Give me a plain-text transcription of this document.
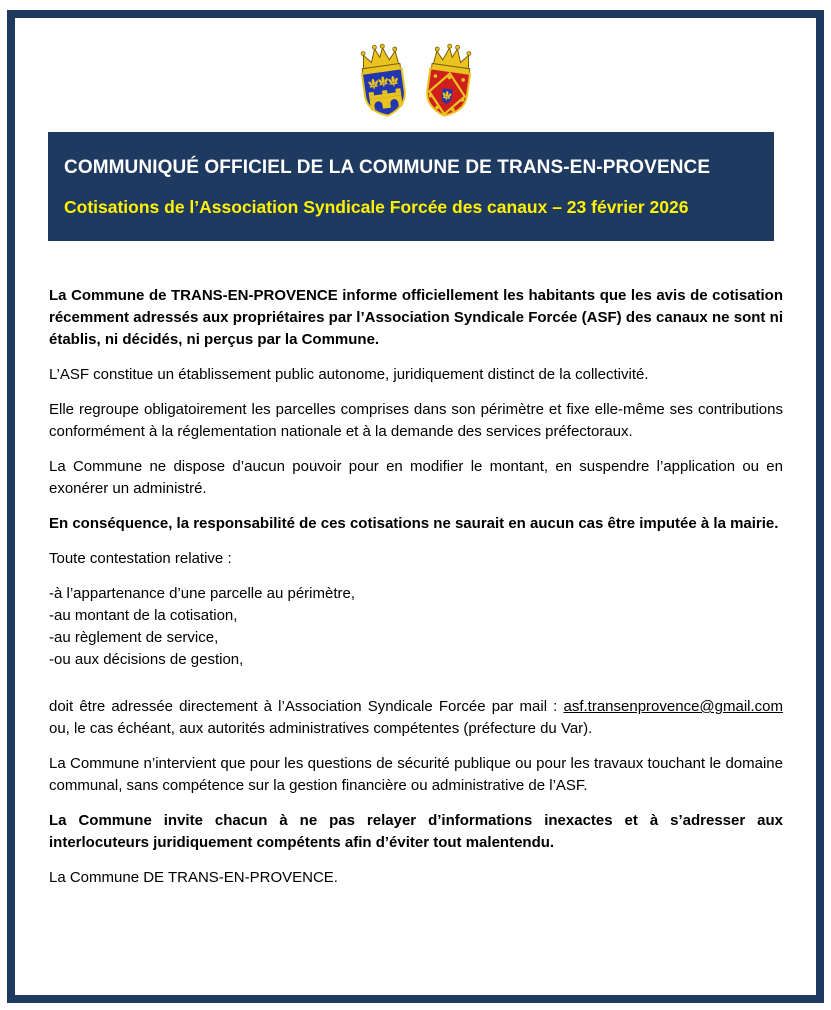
COMMUNIQUÉ OFFICIEL DE LA COMMUNE DE TRANS-EN-PROVENCE
Cotisations de l’Association Syndicale Forcée des canaux – 23 février 2026

La Commune de TRANS-EN-PROVENCE informe officiellement les habitants que les avis de cotisation récemment adressés aux propriétaires par l’Association Syndicale Forcée (ASF) des canaux ne sont ni établis, ni décidés, ni perçus par la Commune.

L’ASF constitue un établissement public autonome, juridiquement distinct de la collectivité.

Elle regroupe obligatoirement les parcelles comprises dans son périmètre et fixe elle-même ses contributions conformément à la réglementation nationale et à la demande des services préfectoraux.

La Commune ne dispose d’aucun pouvoir pour en modifier le montant, en suspendre l’application ou en exonérer un administré.

En conséquence, la responsabilité de ces cotisations ne saurait en aucun cas être imputée à la mairie.

Toute contestation relative :

-à l’appartenance d’une parcelle au périmètre,
-au montant de la cotisation,
-au règlement de service,
-ou aux décisions de gestion,

doit être adressée directement à l’Association Syndicale Forcée par mail : asf.transenprovence@gmail.com ou, le cas échéant, aux autorités administratives compétentes (préfecture du Var).

La Commune n’intervient que pour les questions de sécurité publique ou pour les travaux touchant le domaine communal, sans compétence sur la gestion financière ou administrative de l’ASF.

La Commune invite chacun à ne pas relayer d’informations inexactes et à s’adresser aux interlocuteurs juridiquement compétents afin d’éviter tout malentendu.

La Commune DE TRANS-EN-PROVENCE.
